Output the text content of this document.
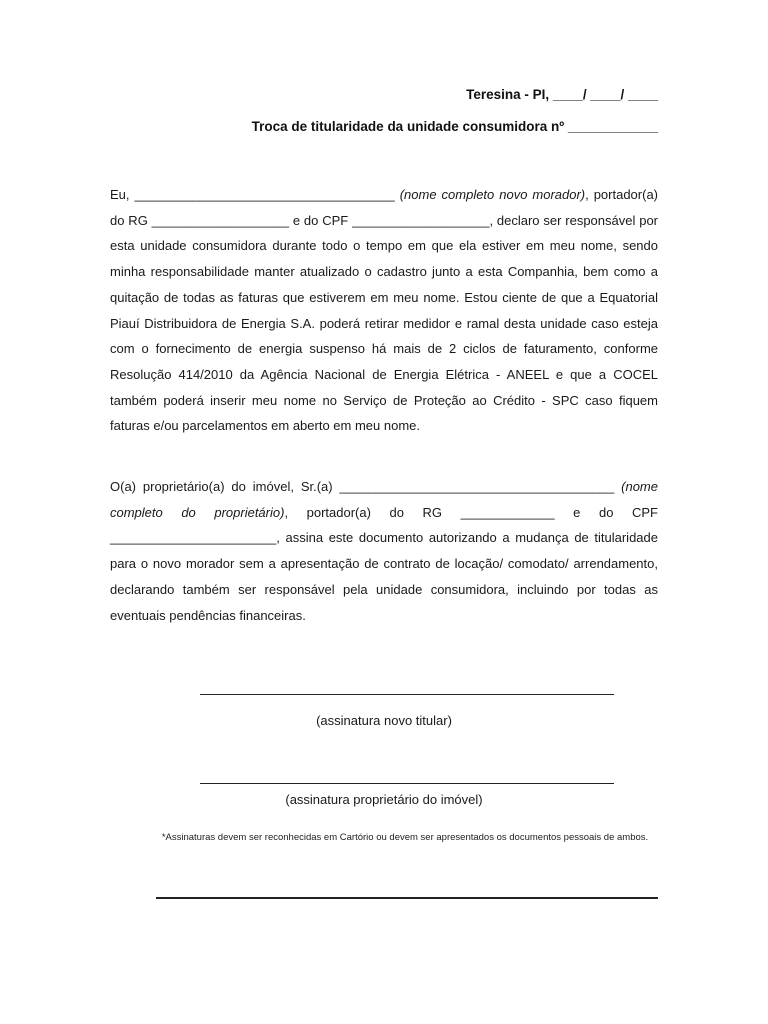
Teresina - PI, ____/ ____/ ____
Troca de titularidade da unidade consumidora nº ____________
Eu, ____________________________________ (nome completo novo morador), portador(a) do RG ___________________ e do CPF ___________________, declaro ser responsável por esta unidade consumidora durante todo o tempo em que ela estiver em meu nome, sendo minha responsabilidade manter atualizado o cadastro junto a esta Companhia, bem como a quitação de todas as faturas que estiverem em meu nome. Estou ciente de que a Equatorial Piauí Distribuidora de Energia S.A. poderá retirar medidor e ramal desta unidade caso esteja com o fornecimento de energia suspenso há mais de 2 ciclos de faturamento, conforme Resolução 414/2010 da Agência Nacional de Energia Elétrica - ANEEL e que a COCEL também poderá inserir meu nome no Serviço de Proteção ao Crédito - SPC caso fiquem faturas e/ou parcelamentos em aberto em meu nome.
O(a) proprietário(a) do imóvel, Sr.(a) ______________________________________ (nome completo do proprietário), portador(a) do RG _____________ e do CPF _______________________, assina este documento autorizando a mudança de titularidade para o novo morador sem a apresentação de contrato de locação/ comodato/ arrendamento, declarando também ser responsável pela unidade consumidora, incluindo por todas as eventuais pendências financeiras.
(assinatura novo titular)
(assinatura proprietário do imóvel)
*Assinaturas devem ser reconhecidas em Cartório ou devem ser apresentados os documentos pessoais de ambos.
